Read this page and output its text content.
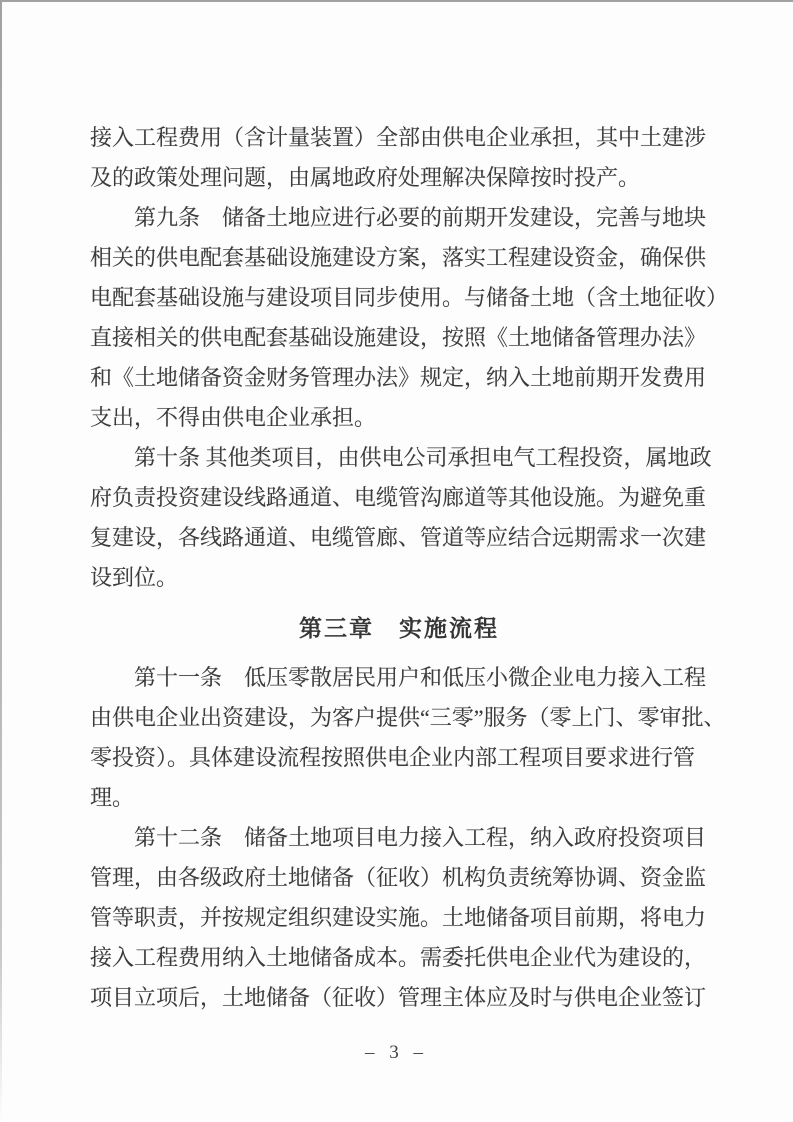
接入工程费用（含计量装置）全部由供电企业承担，其中土建涉
及的政策处理问题，由属地政府处理解决保障按时投产。
第九条　储备土地应进行必要的前期开发建设，完善与地块
相关的供电配套基础设施建设方案，落实工程建设资金，确保供
电配套基础设施与建设项目同步使用。与储备土地（含土地征收）
直接相关的供电配套基础设施建设，按照《土地储备管理办法》
和《土地储备资金财务管理办法》规定，纳入土地前期开发费用
支出，不得由供电企业承担。
第十条 其他类项目，由供电公司承担电气工程投资，属地政
府负责投资建设线路通道、电缆管沟廊道等其他设施。为避免重
复建设，各线路通道、电缆管廊、管道等应结合远期需求一次建
设到位。
第三章　实施流程
第十一条　低压零散居民用户和低压小微企业电力接入工程
由供电企业出资建设，为客户提供“三零”服务（零上门、零审批、
零投资）。具体建设流程按照供电企业内部工程项目要求进行管
理。
第十二条　储备土地项目电力接入工程，纳入政府投资项目
管理，由各级政府土地储备（征收）机构负责统筹协调、资金监
管等职责，并按规定组织建设实施。土地储备项目前期，将电力
接入工程费用纳入土地储备成本。需委托供电企业代为建设的，
项目立项后，土地储备（征收）管理主体应及时与供电企业签订
– 3 –
